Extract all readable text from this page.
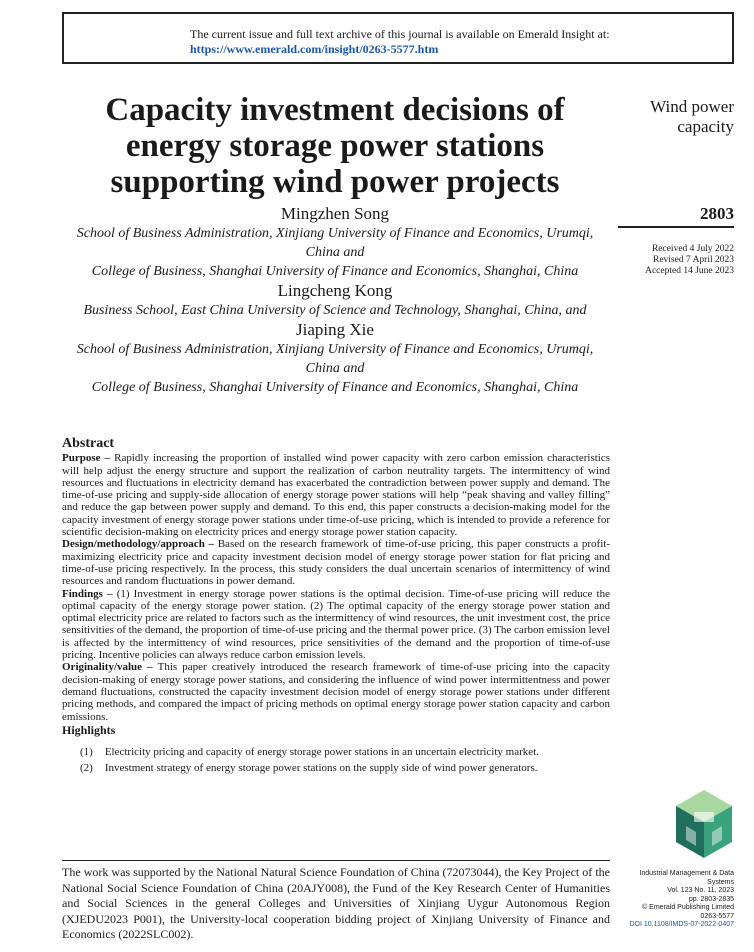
The current issue and full text archive of this journal is available on Emerald Insight at:
https://www.emerald.com/insight/0263-5577.htm
Capacity investment decisions of energy storage power stations supporting wind power projects
Wind power capacity
2803
Received 4 July 2022
Revised 7 April 2023
Accepted 14 June 2023
Mingzhen Song
School of Business Administration, Xinjiang University of Finance and Economics, Urumqi, China and
College of Business, Shanghai University of Finance and Economics, Shanghai, China
Lingcheng Kong
Business School, East China University of Science and Technology, Shanghai, China, and
Jiaping Xie
School of Business Administration, Xinjiang University of Finance and Economics, Urumqi, China and
College of Business, Shanghai University of Finance and Economics, Shanghai, China
Abstract

Purpose – Rapidly increasing the proportion of installed wind power capacity with zero carbon emission characteristics will help adjust the energy structure and support the realization of carbon neutrality targets. The intermittency of wind resources and fluctuations in electricity demand has exacerbated the contradiction between power supply and demand. The time-of-use pricing and supply-side allocation of energy storage power stations will help “peak shaving and valley filling” and reduce the gap between power supply and demand. To this end, this paper constructs a decision-making model for the capacity investment of energy storage power stations under time-of-use pricing, which is intended to provide a reference for scientific decision-making on electricity prices and energy storage power station capacity.

Design/methodology/approach – Based on the research framework of time-of-use pricing, this paper constructs a profit-maximizing electricity price and capacity investment decision model of energy storage power station for flat pricing and time-of-use pricing respectively. In the process, this study considers the dual uncertain scenarios of intermittency of wind resources and random fluctuations in power demand.

Findings – (1) Investment in energy storage power stations is the optimal decision. Time-of-use pricing will reduce the optimal capacity of the energy storage power station. (2) The optimal capacity of the energy storage power station and optimal electricity price are related to factors such as the intermittency of wind resources, the unit investment cost, the price sensitivities of the demand, the proportion of time-of-use pricing and the thermal power price. (3) The carbon emission level is affected by the intermittency of wind resources, price sensitivities of the demand and the proportion of time-of-use pricing. Incentive policies can always reduce carbon emission levels.

Originality/value – This paper creatively introduced the research framework of time-of-use pricing into the capacity decision-making of energy storage power stations, and considering the influence of wind power intermittentness and power demand fluctuations, constructed the capacity investment decision model of energy storage power stations under different pricing methods, and compared the impact of pricing methods on optimal energy storage power station capacity and carbon emissions.

Highlights
(1) Electricity pricing and capacity of energy storage power stations in an uncertain electricity market.
(2) Investment strategy of energy storage power stations on the supply side of wind power generators.
The work was supported by the National Natural Science Foundation of China (72073044), the Key Project of the National Social Science Foundation of China (20AJY008), the Fund of the Key Research Center of Humanities and Social Sciences in the general Colleges and Universities of Xinjiang Uygur Autonomous Region (XJEDU2023 P001), the University-local cooperation bidding project of Xinjiang University of Finance and Economics (2022SLC002).
Industrial Management & Data
Systems
Vol. 123 No. 11, 2023
pp. 2803-2835
© Emerald Publishing Limited
0263-5577
DOI 10.1108/IMDS-07-2022-0407
